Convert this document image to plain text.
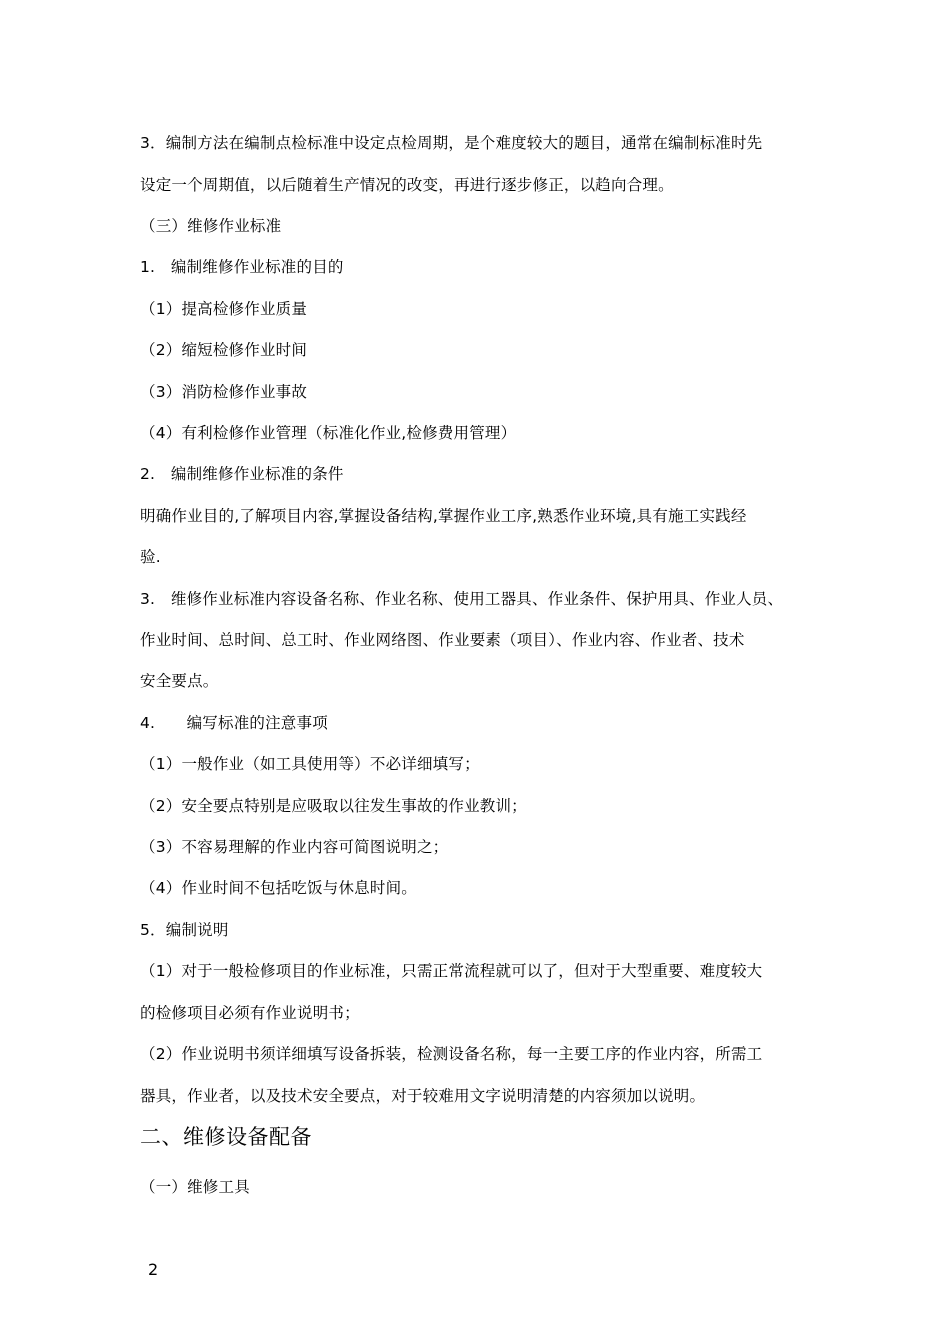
3．编制方法在编制点检标准中设定点检周期，是个难度较大的题目，通常在编制标准时先
设定一个周期值，以后随着生产情况的改变，再进行逐步修正，以趋向合理。
（三）维修作业标准
1.　编制维修作业标准的目的
（1）提高检修作业质量
（2）缩短检修作业时间
（3）消防检修作业事故
（4）有利检修作业管理（标准化作业,检修费用管理）
2.　编制维修作业标准的条件
明确作业目的,了解项目内容,掌握设备结构,掌握作业工序,熟悉作业环境,具有施工实践经
验.
3.　维修作业标准内容设备名称、作业名称、使用工器具、作业条件、保护用具、作业人员、
作业时间、总时间、总工时、作业网络图、作业要素（项目）、作业内容、作业者、技术
安全要点。
4.　　编写标准的注意事项
（1）一般作业（如工具使用等）不必详细填写；
（2）安全要点特别是应吸取以往发生事故的作业教训；
（3）不容易理解的作业内容可简图说明之；
（4）作业时间不包括吃饭与休息时间。
5．编制说明
（1）对于一般检修项目的作业标准，只需正常流程就可以了，但对于大型重要、难度较大
的检修项目必须有作业说明书；
（2）作业说明书须详细填写设备拆装，检测设备名称，每一主要工序的作业内容，所需工
器具，作业者，以及技术安全要点，对于较难用文字说明清楚的内容须加以说明。
二、维修设备配备
（一）维修工具
2
